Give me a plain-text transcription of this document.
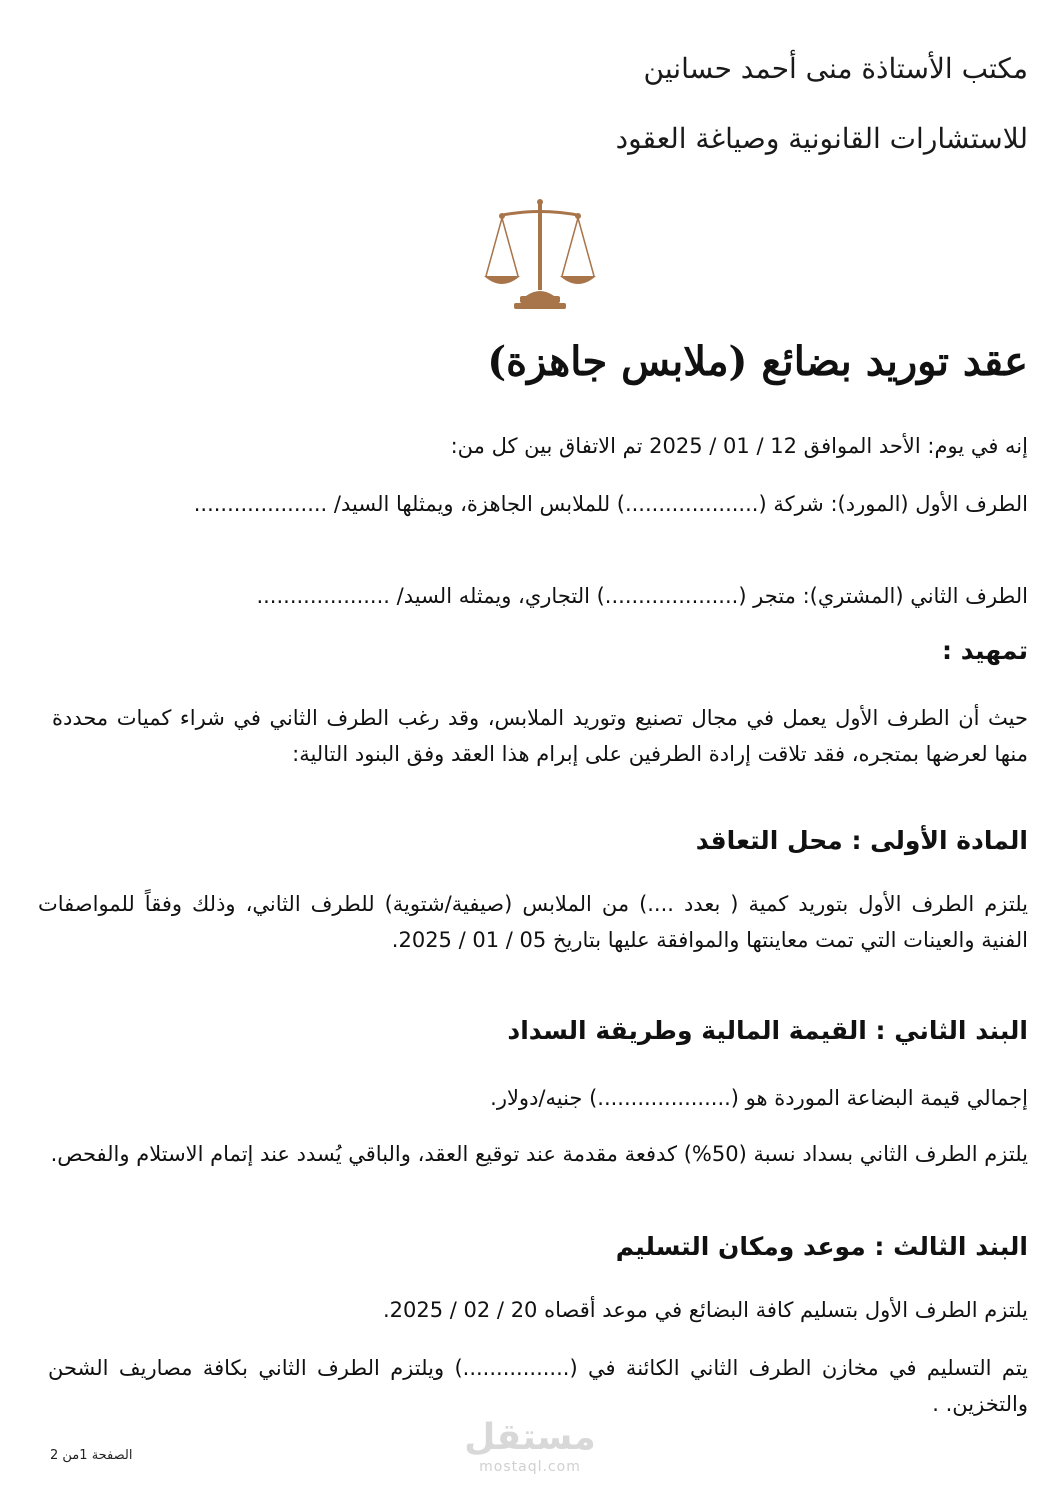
مكتب الأستاذة منى أحمد حسانين
للاستشارات القانونية وصياغة العقود
عقد توريد بضائع (ملابس جاهزة)
إنه في يوم: الأحد الموافق 12 / 01 / 2025 تم الاتفاق بين كل من:
الطرف الأول (المورد): شركة (....................) للملابس الجاهزة، ويمثلها السيد/ ....................
الطرف الثاني (المشتري): متجر (....................) التجاري، ويمثله السيد/ ....................
تمهيد :
حيث أن الطرف الأول يعمل في مجال تصنيع وتوريد الملابس، وقد رغب الطرف الثاني في شراء كميات محددة منها لعرضها بمتجره، فقد تلاقت إرادة الطرفين على إبرام هذا العقد وفق البنود التالية:
المادة الأولى : محل التعاقد
يلتزم الطرف الأول بتوريد كمية ( بعدد ....) من الملابس (صيفية/شتوية) للطرف الثاني، وذلك وفقاً للمواصفات الفنية والعينات التي تمت معاينتها والموافقة عليها بتاريخ 05 / 01 / 2025.
البند الثاني : القيمة المالية وطريقة السداد
إجمالي قيمة البضاعة الموردة هو (....................) جنيه/دولار.
يلتزم الطرف الثاني بسداد نسبة (50%) كدفعة مقدمة عند توقيع العقد، والباقي يُسدد عند إتمام الاستلام والفحص.
البند الثالث : موعد ومكان التسليم
يلتزم الطرف الأول بتسليم كافة البضائع في موعد أقصاه 20 / 02 / 2025.
يتم التسليم في مخازن الطرف الثاني الكائنة في (................) ويلتزم الطرف الثاني بكافة مصاريف الشحن والتخزين. .
مستقل
mostaql.com
الصفحة 1من 2
